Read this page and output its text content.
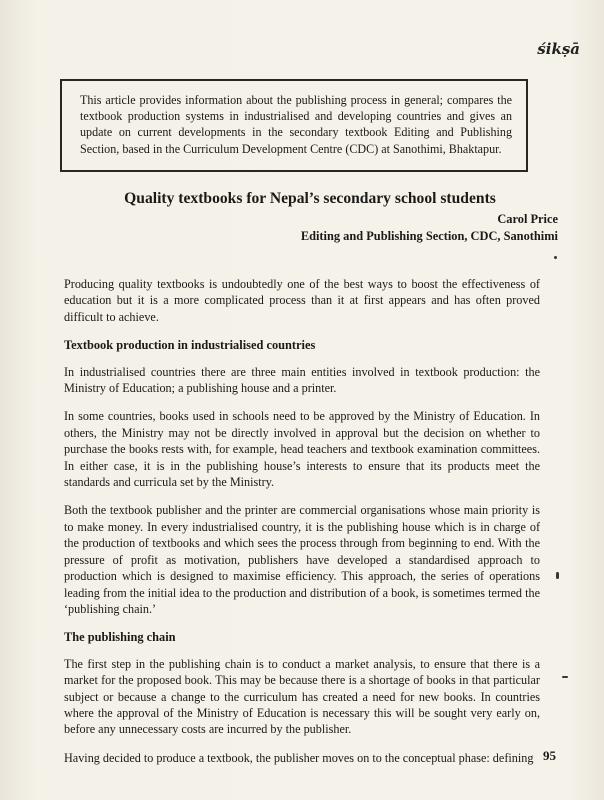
śikṣā
This article provides information about the publishing process in general; compares the textbook production systems in industrialised and developing countries and gives an update on current developments in the secondary textbook Editing and Publishing Section, based in the Curriculum Development Centre (CDC) at Sanothimi, Bhaktapur.
Quality textbooks for Nepal’s secondary school students
Carol Price
Editing and Publishing Section, CDC, Sanothimi

Producing quality textbooks is undoubtedly one of the best ways to boost the effectiveness of education but it is a more complicated process than it at first appears and has often proved difficult to achieve.

Textbook production in industrialised countries

In industrialised countries there are three main entities involved in textbook production: the Ministry of Education; a publishing house and a printer.

In some countries, books used in schools need to be approved by the Ministry of Education. In others, the Ministry may not be directly involved in approval but the decision on whether to purchase the books rests with, for example, head teachers and textbook examination committees. In either case, it is in the publishing house’s interests to ensure that its products meet the standards and curricula set by the Ministry.

Both the textbook publisher and the printer are commercial organisations whose main priority is to make money. In every industrialised country, it is the publishing house which is in charge of the production of textbooks and which sees the process through from beginning to end. With the pressure of profit as motivation, publishers have developed a standardised approach to production which is designed to maximise efficiency. This approach, the series of operations leading from the initial idea to the production and distribution of a book, is sometimes termed the ‘publishing chain.’

The publishing chain

The first step in the publishing chain is to conduct a market analysis, to ensure that there is a market for the proposed book. This may be because there is a shortage of books in that particular subject or because a change to the curriculum has created a need for new books. In countries where the approval of the Ministry of Education is necessary this will be sought very early on, before any unnecessary costs are incurred by the publisher.

Having decided to produce a textbook, the publisher moves on to the conceptual phase: defining 95
